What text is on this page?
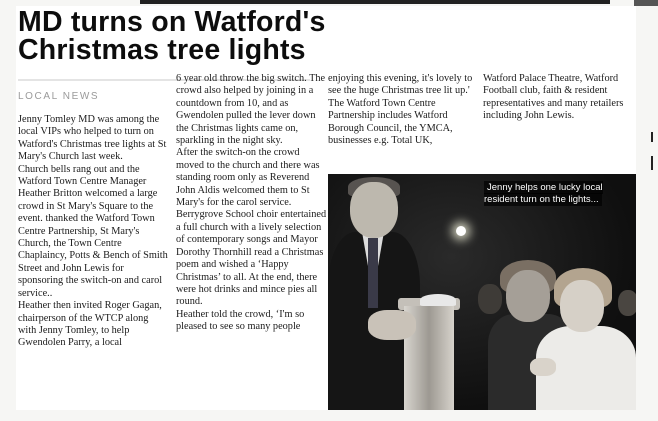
MD turns on Watford's
Christmas tree lights
LOCAL NEWS

Jenny Tomley MD was among the local VIPs who helped to turn on Watford's Christmas tree lights at St Mary's Church last week.

Church bells rang out and the Watford Town Centre Manager Heather Britton welcomed a large crowd in St Mary's Square to the event. thanked the Watford Town Centre Partnership, St Mary's Church, the Town Centre Chaplaincy, Potts & Bench of Smith Street and John Lewis for sponsoring the switch-on and carol service..

Heather then invited Roger Gagan, chairperson of the WTCP along with Jenny Tomley, to help Gwendolen Parry, a local

6 year old throw the big switch. The crowd also helped by joining in a countdown from 10, and as Gwendolen pulled the lever down the Christmas lights came on, sparkling in the night sky.

After the switch-on the crowd moved to the church and there was standing room only as Reverend John Aldis welcomed them to St Mary's for the carol service. Berrygrove School choir entertained a full church with a lively selection of contemporary songs and Mayor Dorothy Thornhill read a Christmas poem and wished a ‘Happy Christmas’ to all. At the end, there were hot drinks and mince pies all round.

Heather told the crowd, ‘I'm so pleased to see so many people

enjoying this evening, it's lovely to see the huge Christmas tree lit up.'

The Watford Town Centre Partnership includes Watford Borough Council, the YMCA, businesses e.g. Total UK,

Watford Palace Theatre, Watford Football club, faith & resident representatives and many retailers including John Lewis.

Jenny helps one lucky local resident turn on the lights...
